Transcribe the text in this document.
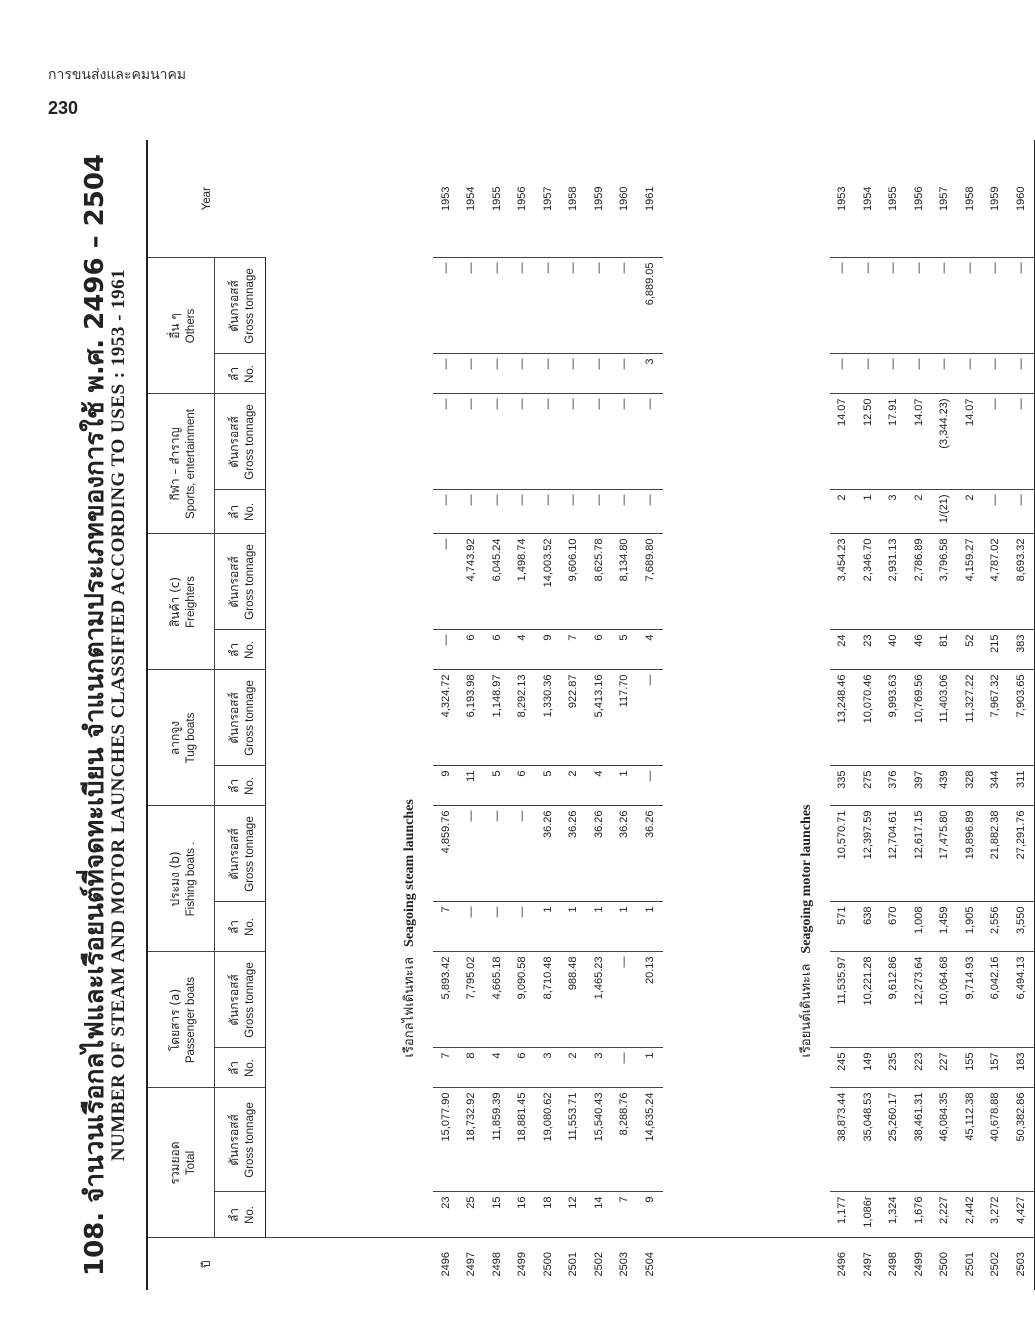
การขนส่งและคมนาคม
230
108. จำนวนเรือกลไฟและเรือยนต์ที่จดทะเบียน จำแนกตามประเภทของการใช้ พ.ศ. 2496 – 2504
NUMBER OF STEAM AND MOTOR LAUNCHES CLASSIFIED ACCORDING TO USES : 1953 - 1961
ปี	รวมยอด Total		โดยสาร (a) Passenger boats		ประมง (b) Fishing boats .		ลากจูง Tug boats		สินค้า (c) Freighters		กีฬา – สำราญ Sports, entertainment		อื่น ๆ Others		Year

	ลำ No.	ตันกรอสส์ Gross tonnage	ลำ No.	ตันกรอสส์ Gross tonnage	ลำ No.	ตันกรอสส์ Gross tonnage	ลำ No.	ตันกรอสส์ Gross tonnage	ลำ No.	ตันกรอสส์ Gross tonnage	ลำ No.	ตันกรอสส์ Gross tonnage	ลำ No.	ตันกรอสส์ Gross tonnage	

	เรือกลไฟเดินทะเลSeagoing steam launches														
2496	23	15,077.90	7	5,893.42	7	4,859.76	9	4,324.72	—	—	—	—	—	—	1953
2497	25	18,732.92	8	7,795.02	—	—	11	6,193.98	6	4,743.92	—	—	—	—	1954
2498	15	11,859.39	4	4,665.18	—	—	5	1,148.97	6	6,045.24	—	—	—	—	1955
2499	16	18,881.45	6	9,090.58	—	—	6	8,292.13	4	1,498.74	—	—	—	—	1956
2500	18	19,080.62	3	8,710.48	1	36.26	5	1,330.36	9	14,003.52	—	—	—	—	1957
2501	12	11,553.71	2	988.48	1	36.26	2	922.87	7	9,606.10	—	—	—	—	1958
2502	14	15,540.43	3	1,465.23	1	36.26	4	5,413.16	6	8,625.78	—	—	—	—	1959
2503	7	8,288.76	—	—	1	36.26	1	117.70	5	8,134.80	—	—	—	—	1960
2504	9	14,635.24	1	20.13	1	36.26	—	—	4	7,689.80	—	—	3	6,889.05	1961
	เรือยนต์เดินทะเลSeagoing motor launches														
2496	1,177	38,873.44	245	11,535.97	571	10,570.71	335	13,248.46	24	3,454.23	2	14.07	—	—	1953
2497	1,086r	35,048.53	149	10,221.28	638	12,397.59	275	10,070.46	23	2,346.70	1	12.50	—	—	1954
2498	1,324	25,260.17	235	9,612.86	670	12,704.61	376	9,993.63	40	2,931.13	3	17.91	—	—	1955
2499	1,676	38,461.31	223	12,273.64	1,008	12,617.15	397	10,769.56	46	2,786.89	2	14.07	—	—	1956
2500	2,227	46,084.35	227	10,064.68	1,459	17,475.80	439	11,403.06	81	3,796.58	1/(21)	(3,344.23)	—	—	1957
2501	2,442	45,112.38	155	9,714.93	1,905	19,896.89	328	11,327.22	52	4,159.27	2	14.07	—	—	1958
2502	3,272	40,678.88	157	6,042.16	2,556	21,882.38	344	7,967.32	215	4,787.02	—	—	—	—	1959
2503	4,427	50,382.86	183	6,494.13	3,550	27,291.76	311	7,903.65	383	8,693.32	—	—	—	—	1960
